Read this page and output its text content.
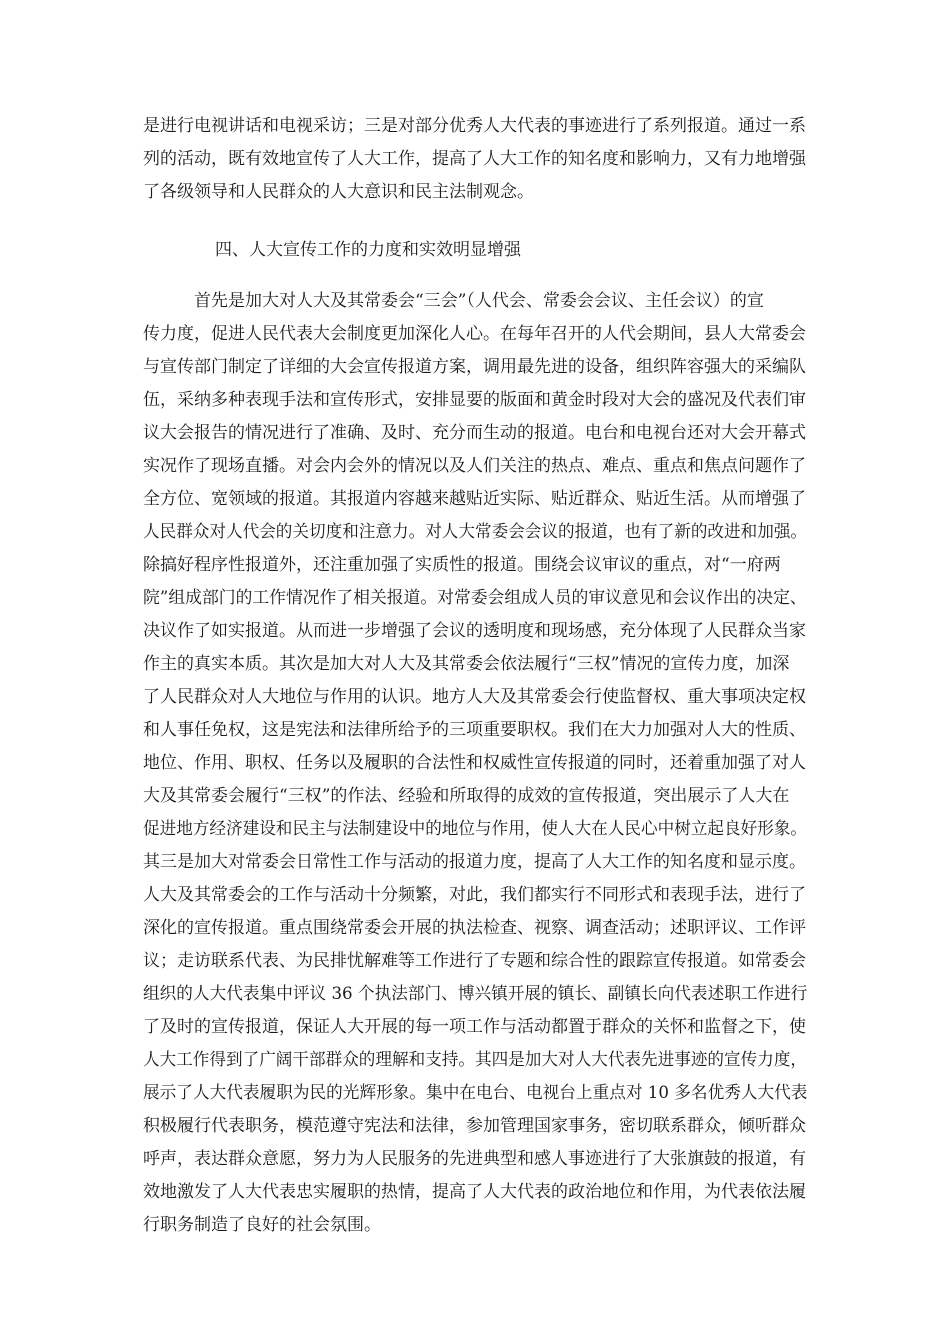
是进行电视讲话和电视采访；三是对部分优秀人大代表的事迹进行了系列报道。通过一系
列的活动，既有效地宣传了人大工作，提高了人大工作的知名度和影响力，又有力地增强
了各级领导和人民群众的人大意识和民主法制观念。
四、人大宣传工作的力度和实效明显增强
　　　首先是加大对人大及其常委会“三会”（人代会、常委会会议、主任会议）的宣
传力度，促进人民代表大会制度更加深化人心。在每年召开的人代会期间，县人大常委会
与宣传部门制定了详细的大会宣传报道方案，调用最先进的设备，组织阵容强大的采编队
伍，采纳多种表现手法和宣传形式，安排显要的版面和黄金时段对大会的盛况及代表们审
议大会报告的情况进行了准确、及时、充分而生动的报道。电台和电视台还对大会开幕式
实况作了现场直播。对会内会外的情况以及人们关注的热点、难点、重点和焦点问题作了
全方位、宽领域的报道。其报道内容越来越贴近实际、贴近群众、贴近生活。从而增强了
人民群众对人代会的关切度和注意力。对人大常委会会议的报道，也有了新的改进和加强。
除搞好程序性报道外，还注重加强了实质性的报道。围绕会议审议的重点，对“一府两
院”组成部门的工作情况作了相关报道。对常委会组成人员的审议意见和会议作出的决定、
决议作了如实报道。从而进一步增强了会议的透明度和现场感，充分体现了人民群众当家
作主的真实本质。其次是加大对人大及其常委会依法履行“三权”情况的宣传力度，加深
了人民群众对人大地位与作用的认识。地方人大及其常委会行使监督权、重大事项决定权
和人事任免权，这是宪法和法律所给予的三项重要职权。我们在大力加强对人大的性质、
地位、作用、职权、任务以及履职的合法性和权威性宣传报道的同时，还着重加强了对人
大及其常委会履行“三权”的作法、经验和所取得的成效的宣传报道，突出展示了人大在
促进地方经济建设和民主与法制建设中的地位与作用，使人大在人民心中树立起良好形象。
其三是加大对常委会日常性工作与活动的报道力度，提高了人大工作的知名度和显示度。
人大及其常委会的工作与活动十分频繁，对此，我们都实行不同形式和表现手法，进行了
深化的宣传报道。重点围绕常委会开展的执法检查、视察、调查活动；述职评议、工作评
议；走访联系代表、为民排忧解难等工作进行了专题和综合性的跟踪宣传报道。如常委会
组织的人大代表集中评议 36 个执法部门、博兴镇开展的镇长、副镇长向代表述职工作进行
了及时的宣传报道，保证人大开展的每一项工作与活动都置于群众的关怀和监督之下，使
人大工作得到了广阔干部群众的理解和支持。其四是加大对人大代表先进事迹的宣传力度，
展示了人大代表履职为民的光辉形象。集中在电台、电视台上重点对 10 多名优秀人大代表
积极履行代表职务，模范遵守宪法和法律，参加管理国家事务，密切联系群众，倾听群众
呼声，表达群众意愿，努力为人民服务的先进典型和感人事迹进行了大张旗鼓的报道，有
效地激发了人大代表忠实履职的热情，提高了人大代表的政治地位和作用，为代表依法履
行职务制造了良好的社会氛围。
